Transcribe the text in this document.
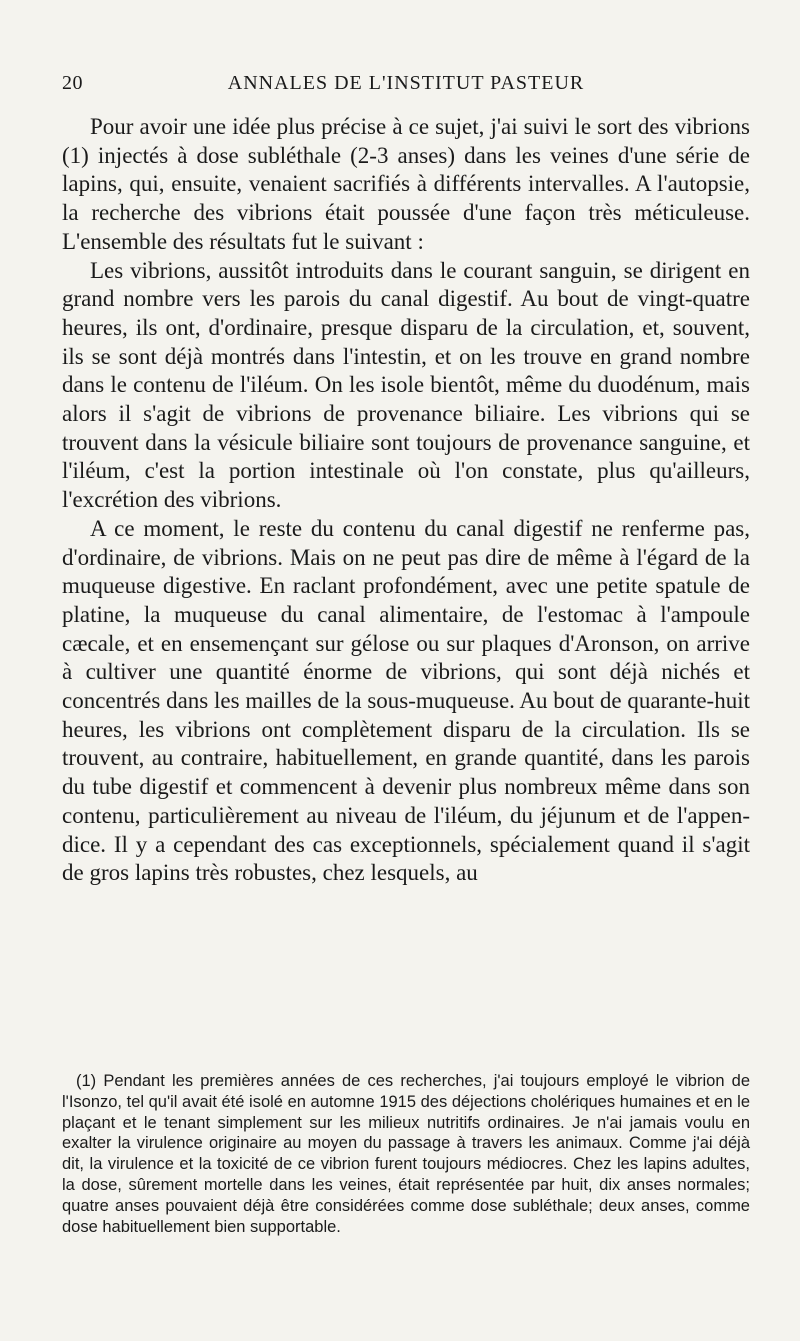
20	ANNALES DE L'INSTITUT PASTEUR

Pour avoir une idée plus précise à ce sujet, j'ai suivi le sort des vibrions (1) injectés à dose subléthale (2-3 anses) dans les veines d'une série de lapins, qui, ensuite, venaient sacrifiés à différents intervalles. A l'autopsie, la recherche des vibrions était poussée d'une façon très méticuleuse. L'ensemble des résultats fut le suivant :

Les vibrions, aussitôt introduits dans le courant sanguin, se dirigent en grand nombre vers les parois du canal digestif. Au bout de vingt-quatre heures, ils ont, d'ordinaire, presque disparu de la circulation, et, souvent, ils se sont déjà montrés dans l'intestin, et on les trouve en grand nombre dans le contenu de l'iléum. On les isole bientôt, même du duodénum, mais alors il s'agit de vibrions de provenance biliaire. Les vibrions qui se trouvent dans la vésicule biliaire sont toujours de provenance sanguine, et l'iléum, c'est la portion intestinale où l'on constate, plus qu'ailleurs, l'excrétion des vibrions.

A ce moment, le reste du contenu du canal digestif ne renferme pas, d'ordinaire, de vibrions. Mais on ne peut pas dire de même à l'égard de la muqueuse digestive. En raclant profondément, avec une petite spatule de platine, la muqueuse du canal alimentaire, de l'estomac à l'ampoule cæcale, et en ensemençant sur gélose ou sur plaques d'Aronson, on arrive à cultiver une quantité énorme de vibrions, qui sont déjà nichés et concentrés dans les mailles de la sous-muqueuse. Au bout de quarante-huit heures, les vibrions ont complètement disparu de la circulation. Ils se trouvent, au contraire, habituellement, en grande quantité, dans les parois du tube digestif et commencent à devenir plus nombreux même dans son contenu, particulièrement au niveau de l'iléum, du jéjunum et de l'appendice. Il y a cependant des cas exceptionnels, spécialement quand il s'agit de gros lapins très robustes, chez lesquels, au

(1) Pendant les premières années de ces recherches, j'ai toujours employé le vibrion de l'Isonzo, tel qu'il avait été isolé en automne 1915 des déjections cholériques humaines et en le plaçant et le tenant simplement sur les milieux nutritifs ordinaires. Je n'ai jamais voulu en exalter la virulence originaire au moyen du passage à travers les animaux. Comme j'ai déjà dit, la virulence et la toxicité de ce vibrion furent toujours médiocres. Chez les lapins adultes, la dose, sûrement mortelle dans les veines, était représentée par huit, dix anses normales; quatre anses pouvaient déjà être considérées comme dose subléthale; deux anses, comme dose habituellement bien supportable.
